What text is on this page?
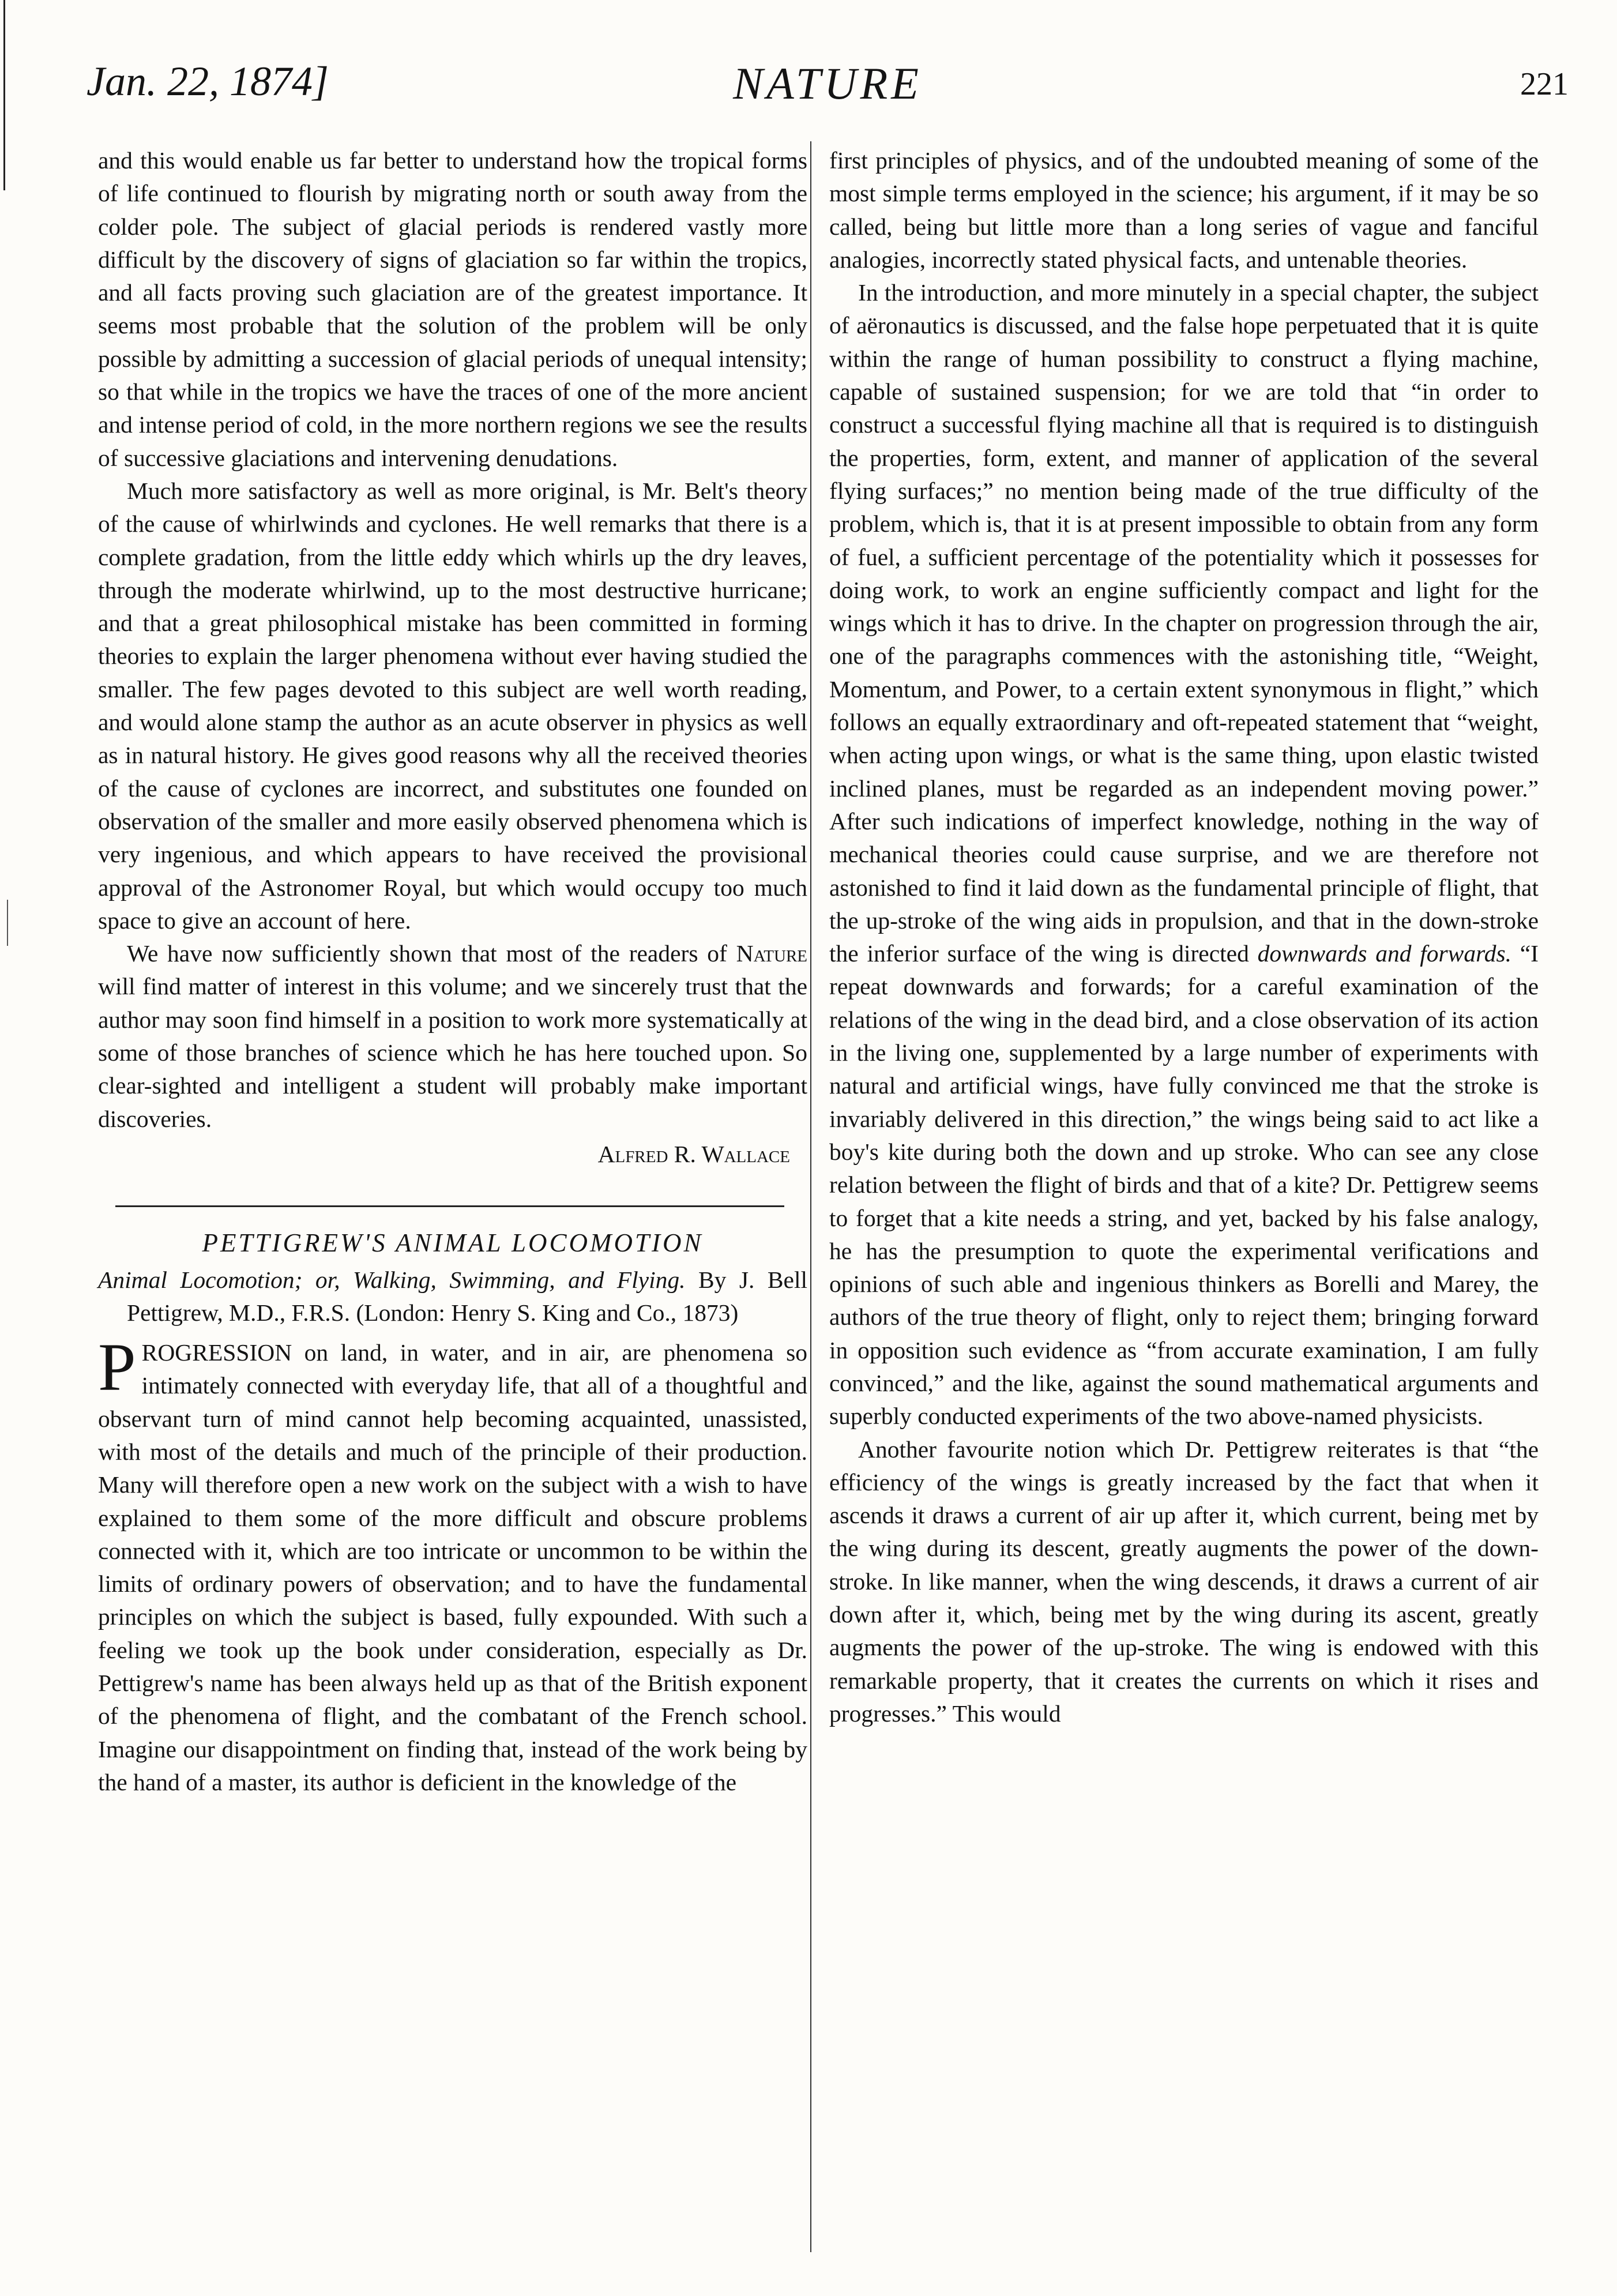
Jan. 22, 1874]	NATURE	221

and this would enable us far better to understand how the tropical forms of life continued to flourish by migrating north or south away from the colder pole. The subject of glacial periods is rendered vastly more difficult by the discovery of signs of glaciation so far within the tropics, and all facts proving such glaciation are of the greatest importance. It seems most probable that the solution of the problem will be only possible by admitting a succession of glacial periods of unequal intensity; so that while in the tropics we have the traces of one of the more ancient and intense period of cold, in the more northern regions we see the results of successive glaciations and intervening denudations.

Much more satisfactory as well as more original, is Mr. Belt's theory of the cause of whirlwinds and cyclones. He well remarks that there is a complete gradation, from the little eddy which whirls up the dry leaves, through the moderate whirlwind, up to the most destructive hurricane; and that a great philosophical mistake has been committed in forming theories to explain the larger phenomena without ever having studied the smaller. The few pages devoted to this subject are well worth reading, and would alone stamp the author as an acute observer in physics as well as in natural history. He gives good reasons why all the received theories of the cause of cyclones are incorrect, and substitutes one founded on observation of the smaller and more easily observed phenomena which is very ingenious, and which appears to have received the provisional approval of the Astronomer Royal, but which would occupy too much space to give an account of here.

We have now sufficiently shown that most of the readers of Nature will find matter of interest in this volume; and we sincerely trust that the author may soon find himself in a position to work more systematically at some of those branches of science which he has here touched upon. So clear-sighted and intelligent a student will probably make important discoveries.

Alfred R. Wallace

PETTIGREW'S ANIMAL LOCOMOTION

Animal Locomotion; or, Walking, Swimming, and Flying. By J. Bell Pettigrew, M.D., F.R.S. (London: Henry S. King and Co., 1873)

PROGRESSION on land, in water, and in air, are phenomena so intimately connected with everyday life, that all of a thoughtful and observant turn of mind cannot help becoming acquainted, unassisted, with most of the details and much of the principle of their production. Many will therefore open a new work on the subject with a wish to have explained to them some of the more difficult and obscure problems connected with it, which are too intricate or uncommon to be within the limits of ordinary powers of observation; and to have the fundamental principles on which the subject is based, fully expounded. With such a feeling we took up the book under consideration, especially as Dr. Pettigrew's name has been always held up as that of the British exponent of the phenomena of flight, and the combatant of the French school. Imagine our disappointment on finding that, instead of the work being by the hand of a master, its author is deficient in the knowledge of the

first principles of physics, and of the undoubted meaning of some of the most simple terms employed in the science; his argument, if it may be so called, being but little more than a long series of vague and fanciful analogies, incorrectly stated physical facts, and untenable theories.

In the introduction, and more minutely in a special chapter, the subject of aëronautics is discussed, and the false hope perpetuated that it is quite within the range of human possibility to construct a flying machine, capable of sustained suspension; for we are told that “in order to construct a successful flying machine all that is required is to distinguish the properties, form, extent, and manner of application of the several flying surfaces;” no mention being made of the true difficulty of the problem, which is, that it is at present impossible to obtain from any form of fuel, a sufficient percentage of the potentiality which it possesses for doing work, to work an engine sufficiently compact and light for the wings which it has to drive. In the chapter on progression through the air, one of the paragraphs commences with the astonishing title, “Weight, Momentum, and Power, to a certain extent synonymous in flight,” which follows an equally extraordinary and oft-repeated statement that “weight, when acting upon wings, or what is the same thing, upon elastic twisted inclined planes, must be regarded as an independent moving power.” After such indications of imperfect knowledge, nothing in the way of mechanical theories could cause surprise, and we are therefore not astonished to find it laid down as the fundamental principle of flight, that the up-stroke of the wing aids in propulsion, and that in the down-stroke the inferior surface of the wing is directed downwards and forwards. “I repeat downwards and forwards; for a careful examination of the relations of the wing in the dead bird, and a close observation of its action in the living one, supplemented by a large number of experiments with natural and artificial wings, have fully convinced me that the stroke is invariably delivered in this direction,” the wings being said to act like a boy's kite during both the down and up stroke. Who can see any close relation between the flight of birds and that of a kite? Dr. Pettigrew seems to forget that a kite needs a string, and yet, backed by his false analogy, he has the presumption to quote the experimental verifications and opinions of such able and ingenious thinkers as Borelli and Marey, the authors of the true theory of flight, only to reject them; bringing forward in opposition such evidence as “from accurate examination, I am fully convinced,” and the like, against the sound mathematical arguments and superbly conducted experiments of the two above-named physicists.

Another favourite notion which Dr. Pettigrew reiterates is that “the efficiency of the wings is greatly increased by the fact that when it ascends it draws a current of air up after it, which current, being met by the wing during its descent, greatly augments the power of the down-stroke. In like manner, when the wing descends, it draws a current of air down after it, which, being met by the wing during its ascent, greatly augments the power of the up-stroke. The wing is endowed with this remarkable property, that it creates the currents on which it rises and progresses.” This would
